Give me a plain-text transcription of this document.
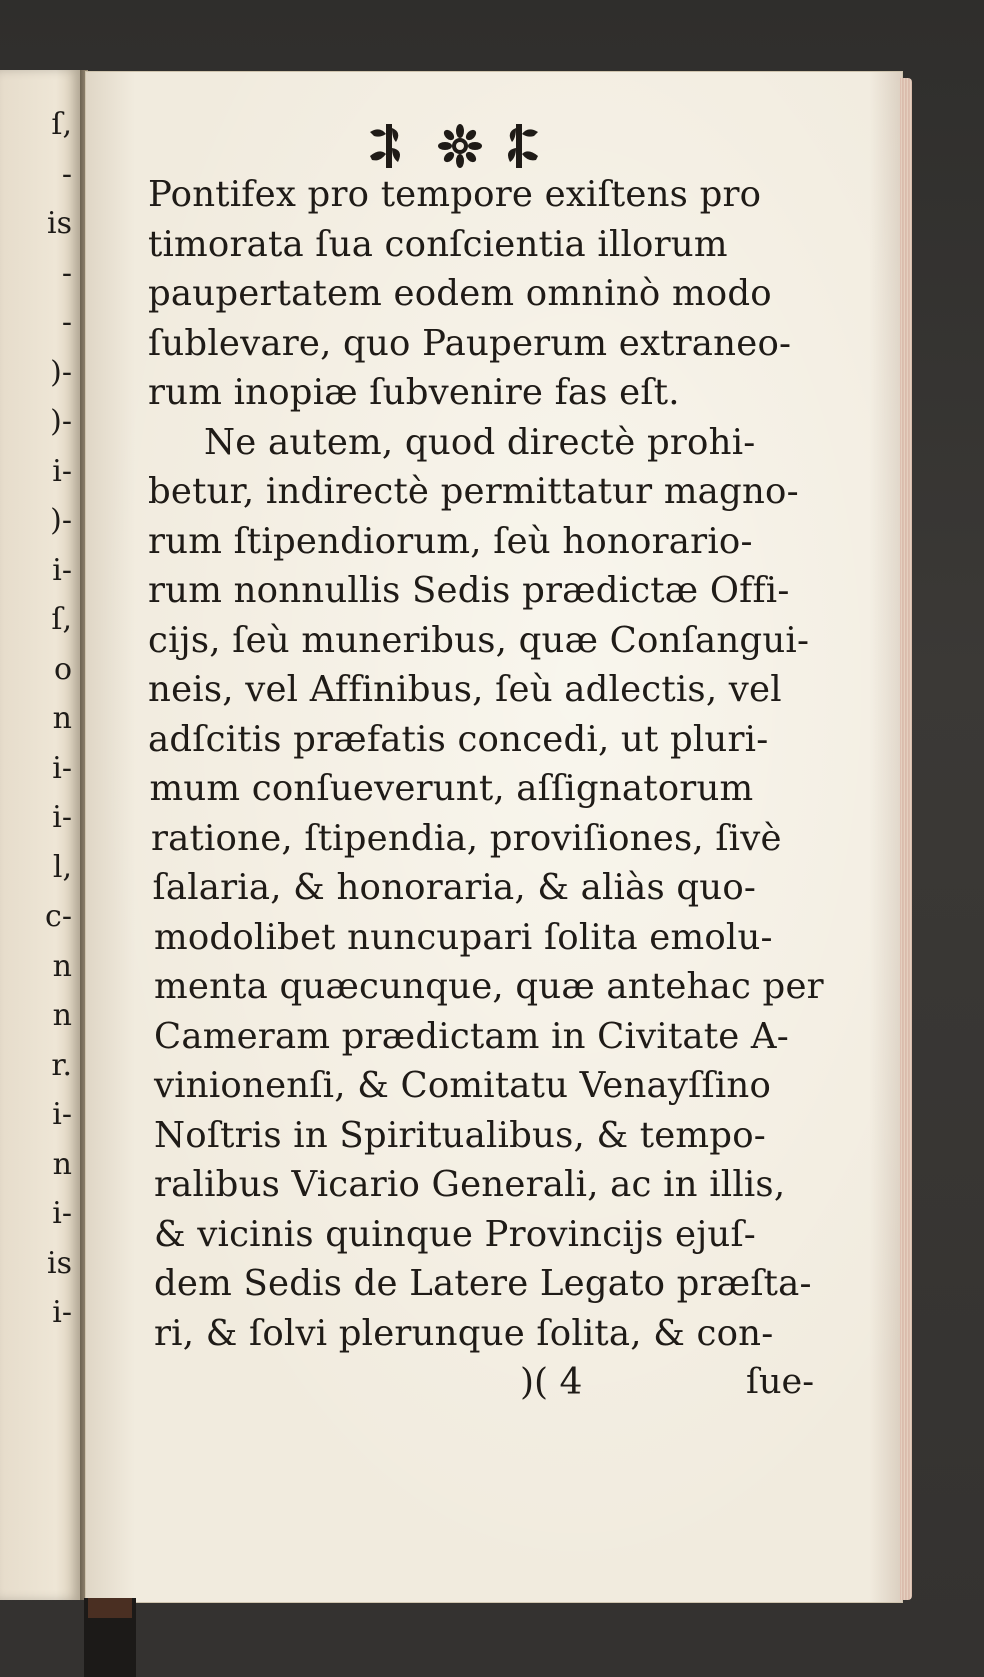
ſ,
-
is
-
-
)-
)-
i-
)-
i-
ſ,
o
n
i-
i-
l,
c-
n
n
r.
i-
n
i-
is
i-
Pontifex pro tempore exiſtens pro
timorata ſua conſcientia illorum
paupertatem eodem omninò modo
ſublevare, quo Pauperum extraneo-
rum inopiæ ſubvenire fas eſt.
Ne autem, quod directè prohi-
betur, indirectè permittatur magno-
rum ſtipendiorum, ſeù honorario-
rum nonnullis Sedis prædictæ Offi-
cijs, ſeù muneribus, quæ Conſangui-
neis, vel Affinibus, ſeù adlectis, vel
adſcitis præfatis concedi, ut pluri-
mum conſueverunt, aſſignatorum
ratione, ſtipendia, proviſiones, ſivè
ſalaria, & honoraria, & aliàs quo-
modolibet nuncupari ſolita emolu-
menta quæcunque, quæ antehac per
Cameram prædictam in Civitate A-
vinionenſi, & Comitatu Venayſſino
Noſtris in Spiritualibus, & tempo-
ralibus Vicario Generali, ac in illis,
& vicinis quinque Provincijs ejuſ-
dem Sedis de Latere Legato præſta-
ri, & ſolvi plerunque ſolita, & con-
)( 4	ſue-
